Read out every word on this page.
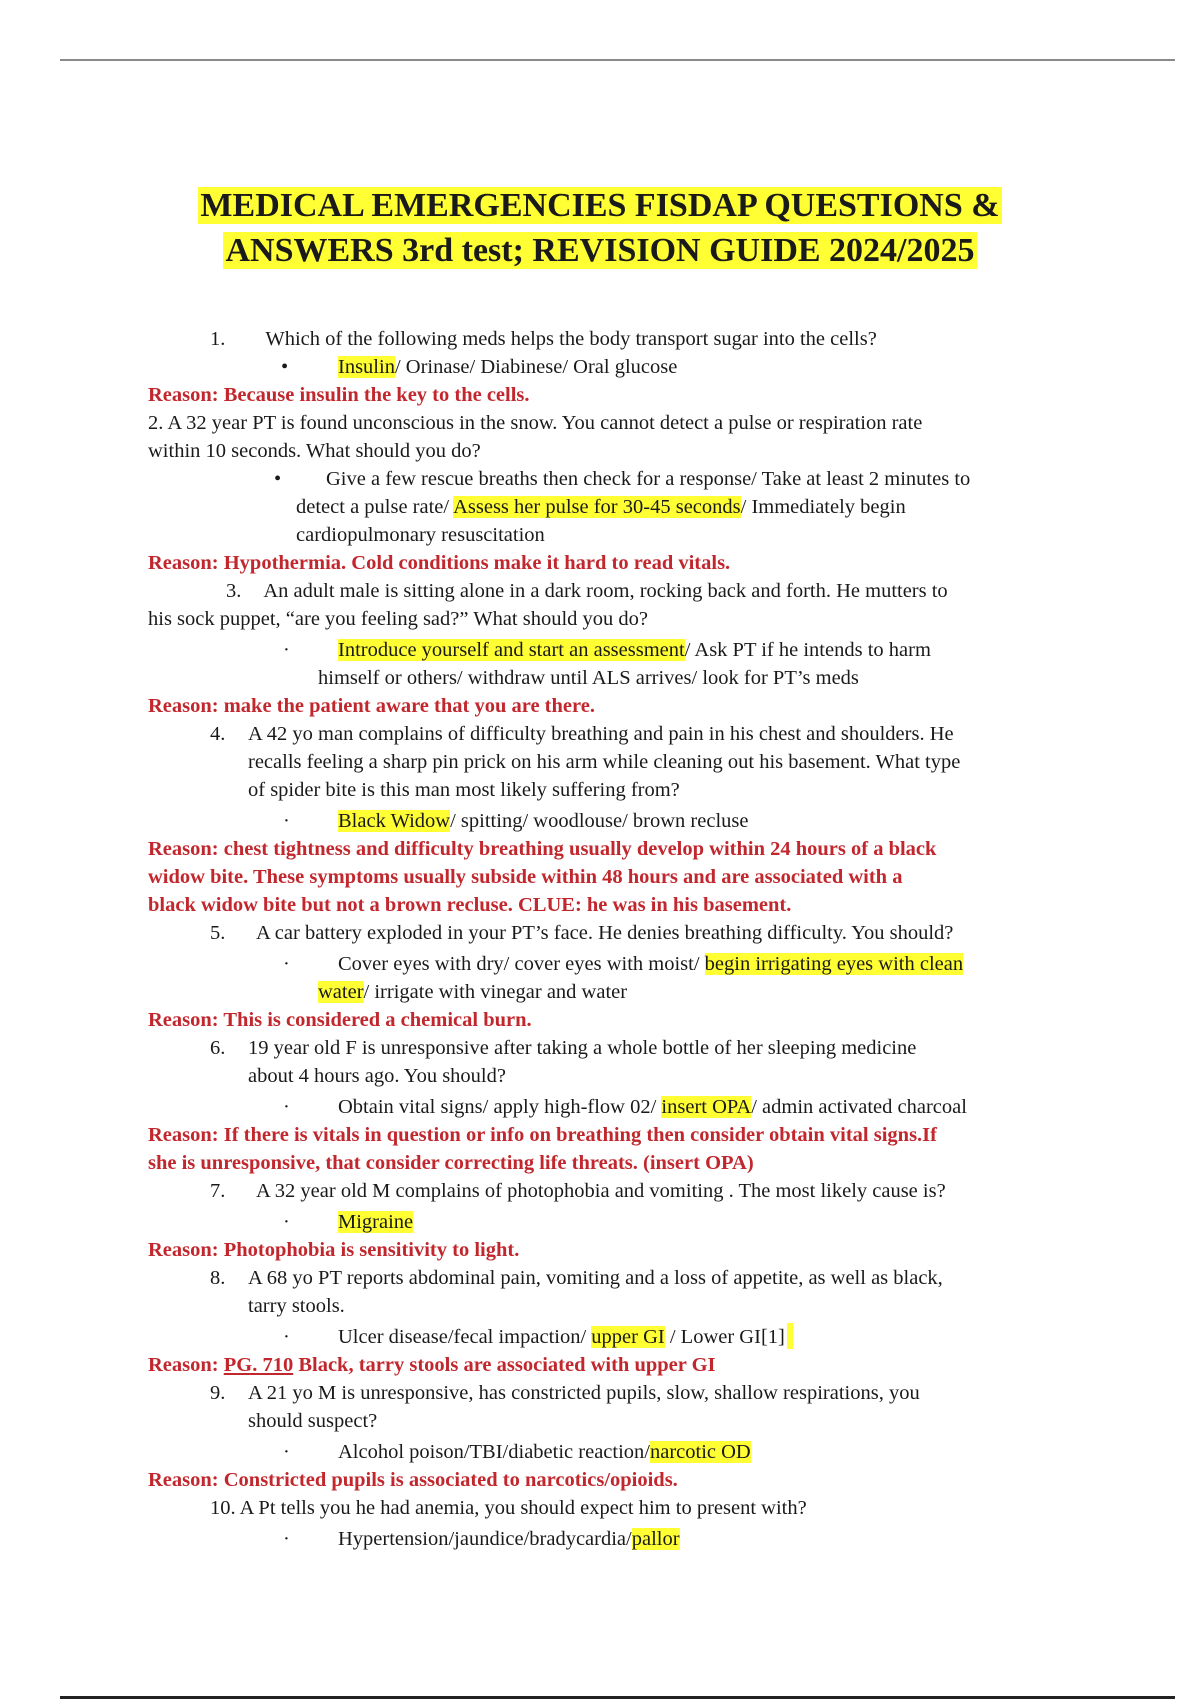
MEDICAL EMERGENCIES FISDAP QUESTIONS &
ANSWERS 3rd test; REVISION GUIDE 2024/2025
1. Which of the following meds helps the body transport sugar into the cells?
• Insulin/ Orinase/ Diabinese/ Oral glucose
Reason: Because insulin the key to the cells.
2. A 32 year PT is found unconscious in the snow. You cannot detect a pulse or respiration rate
within 10 seconds. What should you do?
• Give a few rescue breaths then check for a response/ Take at least 2 minutes to
detect a pulse rate/ Assess her pulse for 30-45 seconds/ Immediately begin
cardiopulmonary resuscitation
Reason: Hypothermia. Cold conditions make it hard to read vitals.
3. An adult male is sitting alone in a dark room, rocking back and forth. He mutters to
his sock puppet, “are you feeling sad?” What should you do?
· Introduce yourself and start an assessment/ Ask PT if he intends to harm
himself or others/ withdraw until ALS arrives/ look for PT’s meds
Reason: make the patient aware that you are there.
4. A 42 yo man complains of difficulty breathing and pain in his chest and shoulders. He
recalls feeling a sharp pin prick on his arm while cleaning out his basement. What type
of spider bite is this man most likely suffering from?
· Black Widow/ spitting/ woodlouse/ brown recluse
Reason: chest tightness and difficulty breathing usually develop within 24 hours of a black
widow bite. These symptoms usually subside within 48 hours and are associated with a
black widow bite but not a brown recluse. CLUE: he was in his basement.
5. A car battery exploded in your PT’s face. He denies breathing difficulty. You should?
· Cover eyes with dry/ cover eyes with moist/ begin irrigating eyes with clean
water/ irrigate with vinegar and water
Reason: This is considered a chemical burn.
6. 19 year old F is unresponsive after taking a whole bottle of her sleeping medicine
about 4 hours ago. You should?
· Obtain vital signs/ apply high-flow 02/ insert OPA/ admin activated charcoal
Reason: If there is vitals in question or info on breathing then consider obtain vital signs.If
she is unresponsive, that consider correcting life threats. (insert OPA)
7. A 32 year old M complains of photophobia and vomiting . The most likely cause is?
· Migraine
Reason: Photophobia is sensitivity to light.
8. A 68 yo PT reports abdominal pain, vomiting and a loss of appetite, as well as black,
tarry stools.
· Ulcer disease/fecal impaction/ upper GI / Lower GI[1]
Reason: PG. 710 Black, tarry stools are associated with upper GI
9. A 21 yo M is unresponsive, has constricted pupils, slow, shallow respirations, you
should suspect?
· Alcohol poison/TBI/diabetic reaction/narcotic OD
Reason: Constricted pupils is associated to narcotics/opioids.
10. A Pt tells you he had anemia, you should expect him to present with?
· Hypertension/jaundice/bradycardia/pallor
